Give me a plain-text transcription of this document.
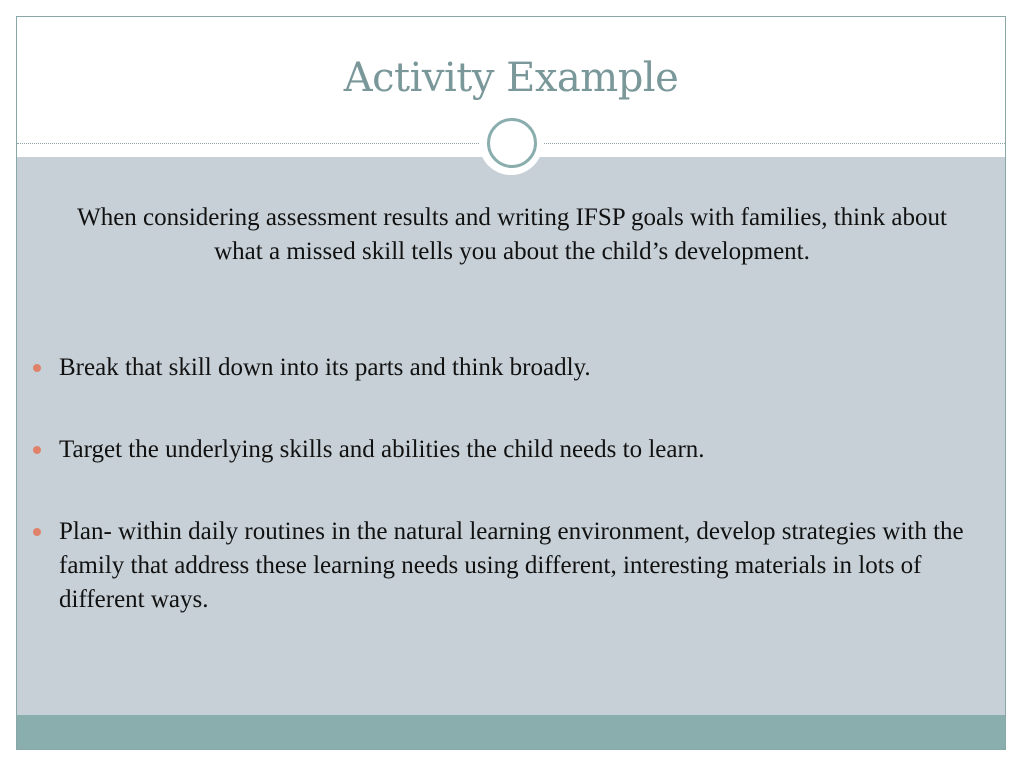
Activity Example

When considering assessment results and writing IFSP goals with families, think about what a missed skill tells you about the child’s development.

Break that skill down into its parts and think broadly.
Target the underlying skills and abilities the child needs to learn.
Plan- within daily routines in the natural learning environment, develop strategies with the family that address these learning needs using different, interesting materials in lots of different ways.
